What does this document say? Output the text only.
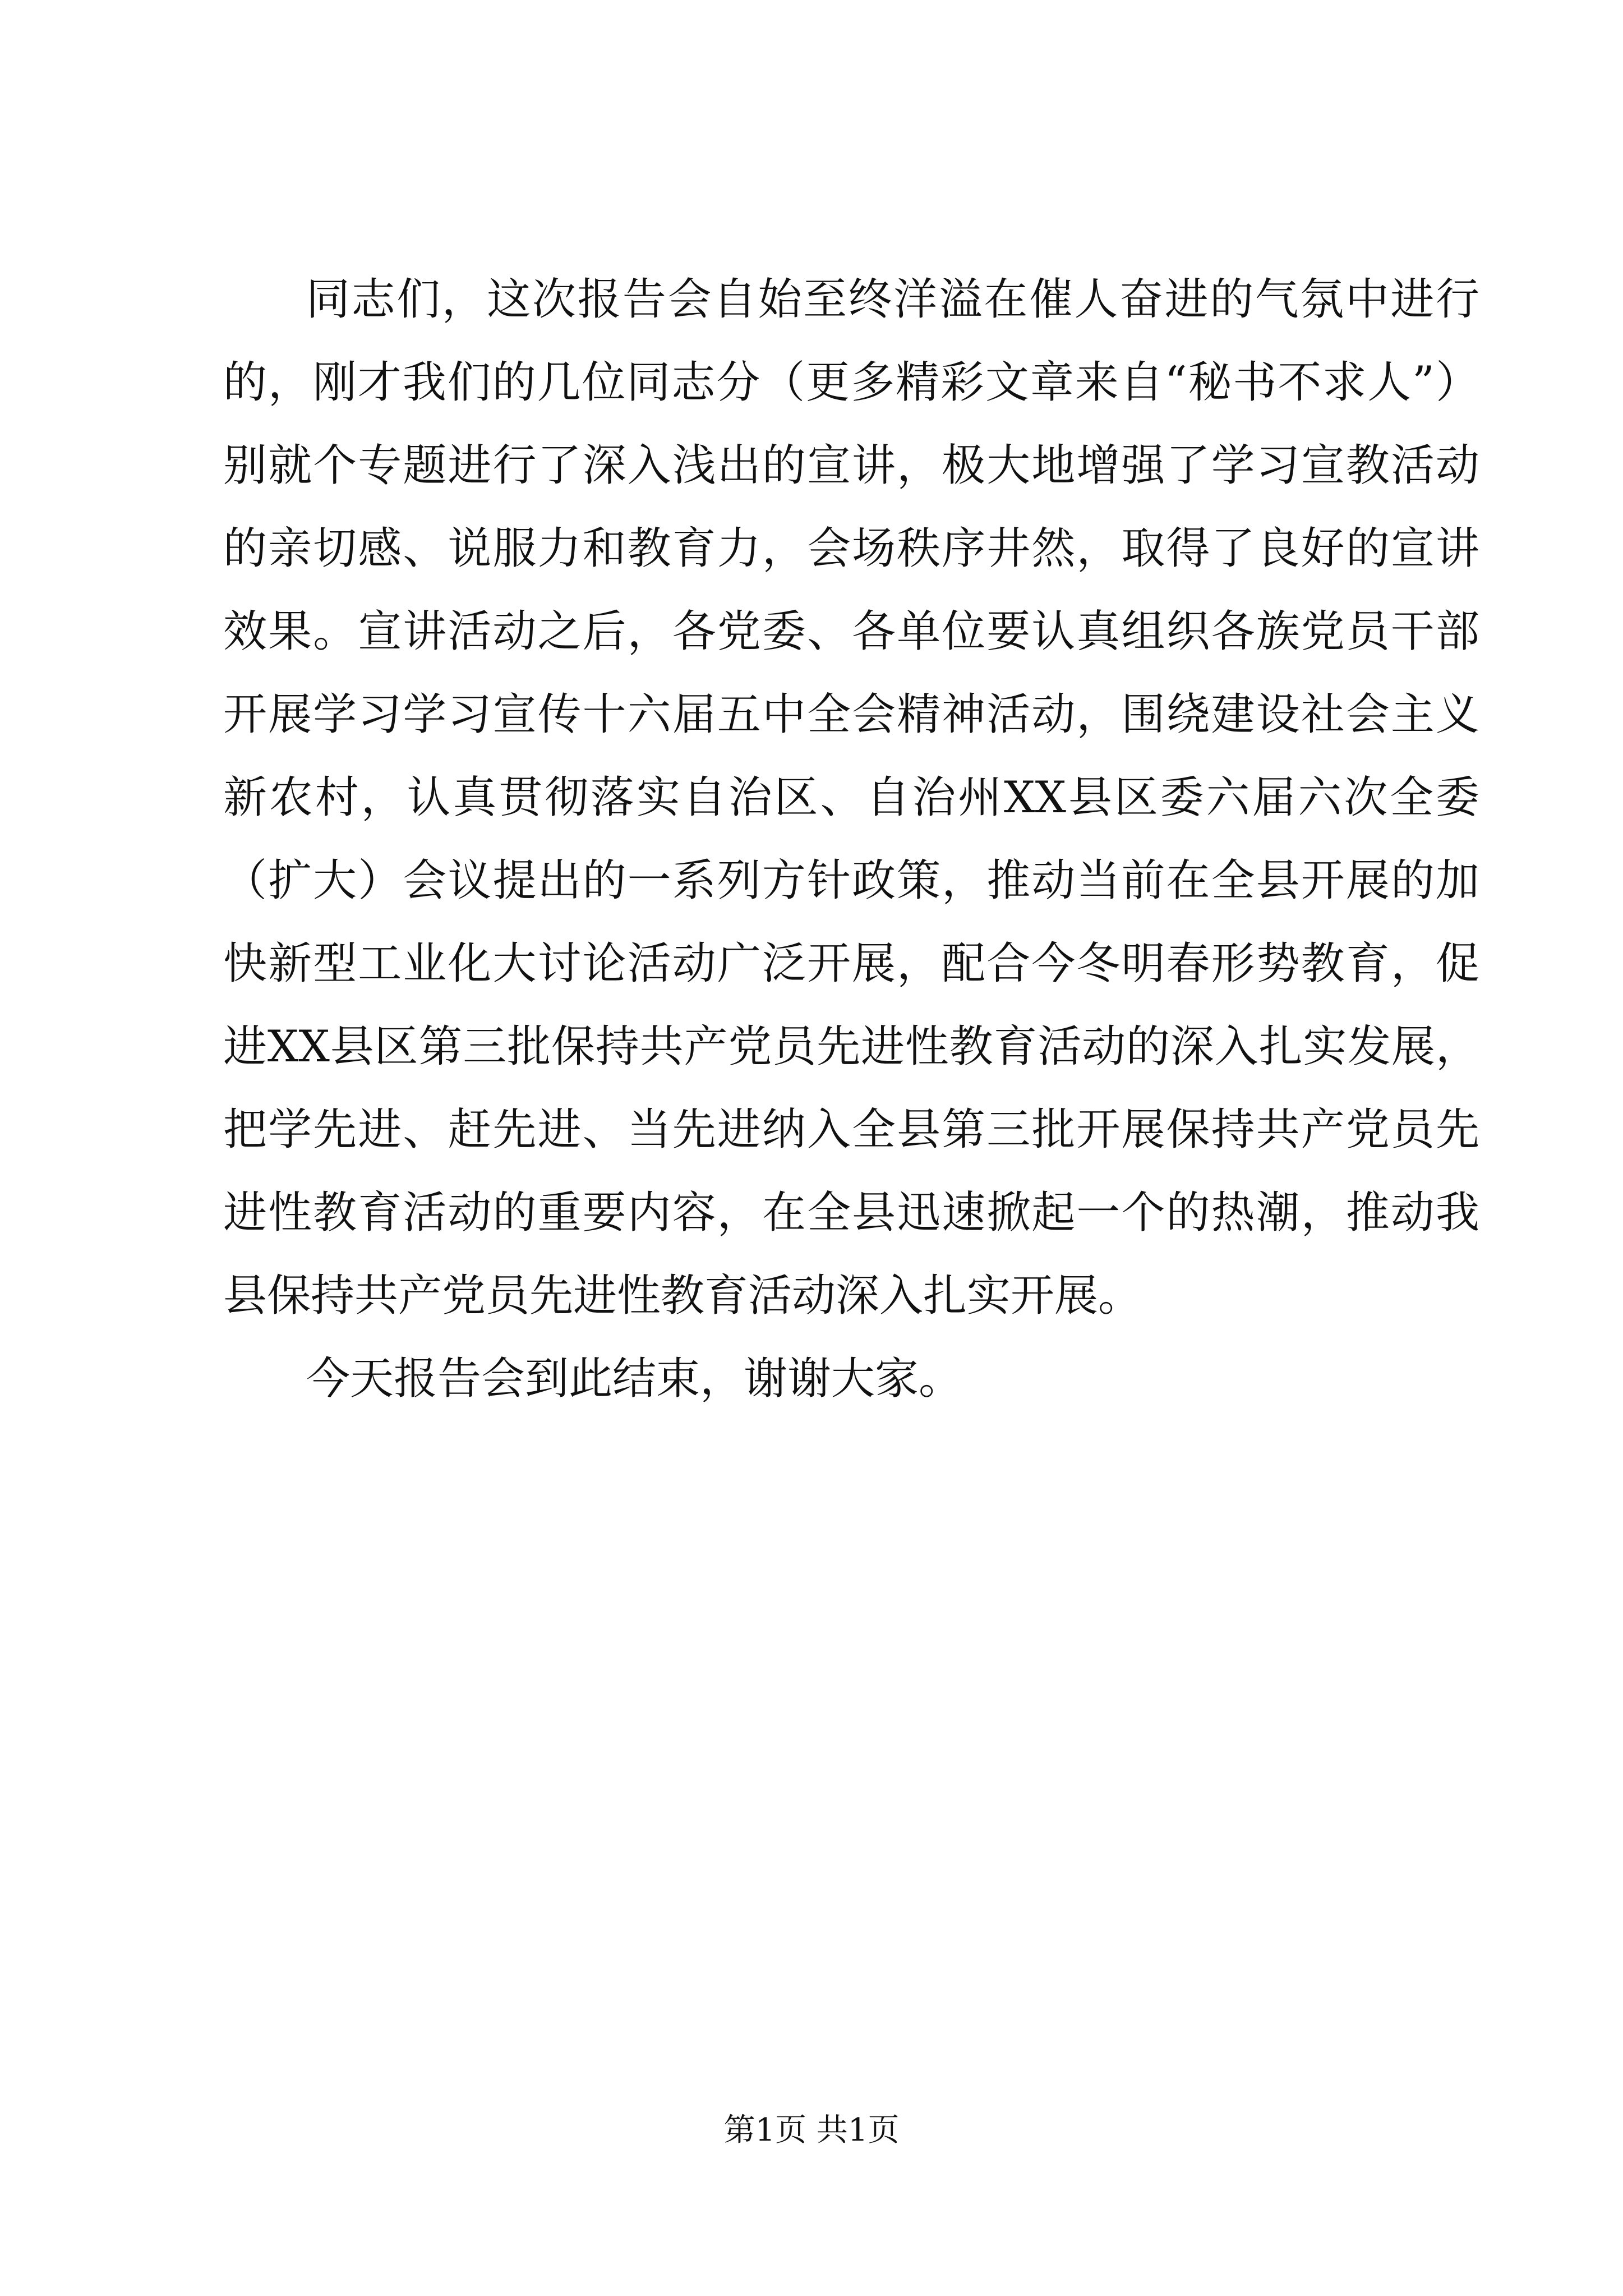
同志们，这次报告会自始至终洋溢在催人奋进的气氛中进行
的，刚才我们的几位同志分（更多精彩文章来自“秘书不求人”）
别就个专题进行了深入浅出的宣讲，极大地增强了学习宣教活动
的亲切感、说服力和教育力，会场秩序井然，取得了良好的宣讲
效果。宣讲活动之后，各党委、各单位要认真组织各族党员干部
开展学习学习宣传十六届五中全会精神活动，围绕建设社会主义
新农村，认真贯彻落实自治区、自治州XX县区委六届六次全委
（扩大）会议提出的一系列方针政策，推动当前在全县开展的加
快新型工业化大讨论活动广泛开展，配合今冬明春形势教育，促
进XX县区第三批保持共产党员先进性教育活动的深入扎实发展，
把学先进、赶先进、当先进纳入全县第三批开展保持共产党员先
进性教育活动的重要内容，在全县迅速掀起一个的热潮，推动我
县保持共产党员先进性教育活动深入扎实开展。
今天报告会到此结束，谢谢大家。
第1页 共1页
